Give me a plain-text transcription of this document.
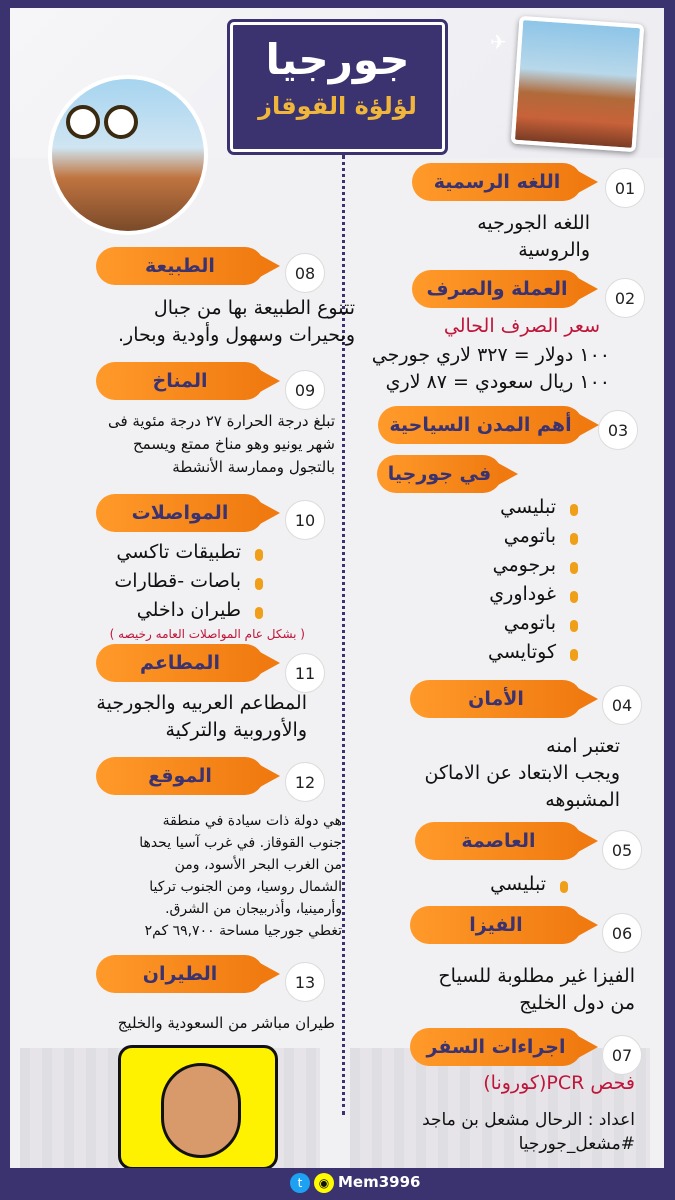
✈
جورجيا
لؤلؤة القوقاز
01
اللغه الرسمية
اللغه الجورجيه
والروسية
02
العملة والصرف
سعر الصرف الحالي
١٠٠ دولار = ٣٢٧ لاري جورجي
١٠٠ ريال سعودي = ٨٧ لاري
03
أهم المدن السياحية
في جورجيا
تبليسي
باتومي
برجومي
غوداوري
باتومي
كوتايسي
04
الأمان
تعتبر امنه
ويجب الابتعاد عن الاماكن
المشبوهه
05
العاصمة
تبليسي
06
الفيزا
الفيزا غير مطلوبة للسياح
من دول الخليج
07
اجراءات السفر
فحص PCR(كورونا)
اعداد : الرحال مشعل بن ماجد
#مشعل_جورجيا
08
الطبيعة
تتنوع الطبيعة بها من جبال
وبحيرات وسهول وأودية وبحار.
09
المناخ
تبلغ درجة الحرارة ٢٧ درجة مئوية فى
شهر يونيو وهو مناخ ممتع ويسمح
بالتجول وممارسة الأنشطة
10
المواصلات
تطبيقات تاكسي
باصات -قطارات
طيران داخلي
( بشكل عام المواصلات العامه رخيصه )
11
المطاعم
المطاعم العربيه والجورجية
والأوروبية والتركية
12
الموقع
هي دولة ذات سيادة في منطقة
جنوب القوقاز. في غرب آسيا يحدها
من الغرب البحر الأسود، ومن
الشمال روسيا، ومن الجنوب تركيا
وأرمينيا، وأذربيجان من الشرق.
تغطي جورجيا مساحة ٦٩,٧٠٠ كم٢
13
الطيران
طيران مباشر من السعودية والخليج
t	◉ Mem3996
